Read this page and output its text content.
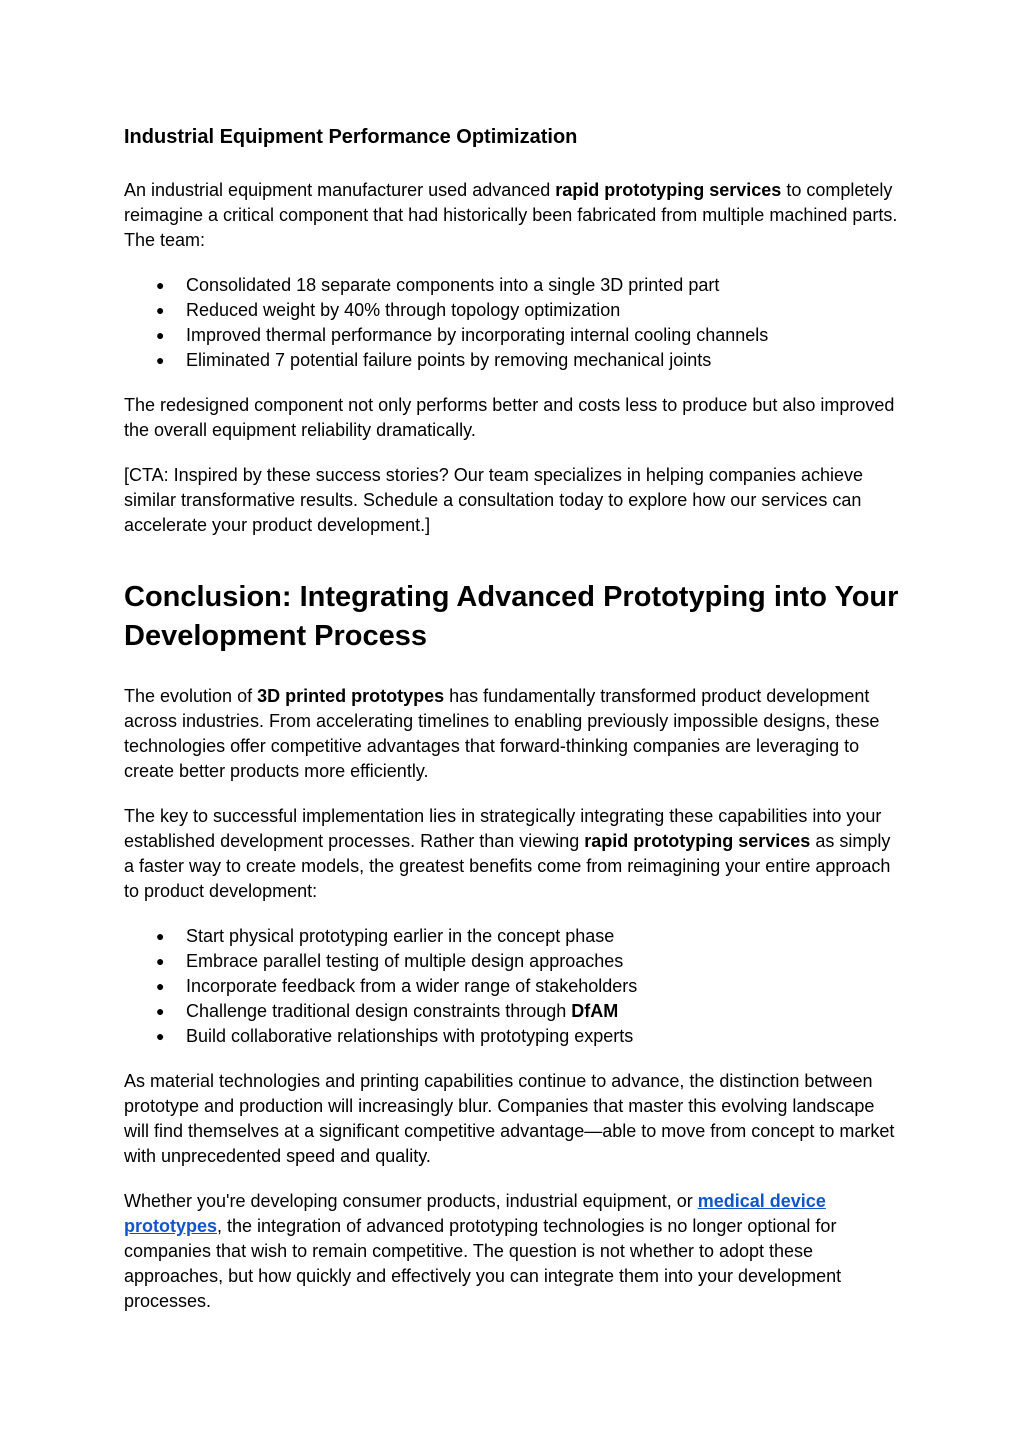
Industrial Equipment Performance Optimization

An industrial equipment manufacturer used advanced rapid prototyping services to completely reimagine a critical component that had historically been fabricated from multiple machined parts. The team:

● Consolidated 18 separate components into a single 3D printed part
● Reduced weight by 40% through topology optimization
● Improved thermal performance by incorporating internal cooling channels
● Eliminated 7 potential failure points by removing mechanical joints

The redesigned component not only performs better and costs less to produce but also improved the overall equipment reliability dramatically.

[CTA: Inspired by these success stories? Our team specializes in helping companies achieve similar transformative results. Schedule a consultation today to explore how our services can accelerate your product development.]

Conclusion: Integrating Advanced Prototyping into Your Development Process

The evolution of 3D printed prototypes has fundamentally transformed product development across industries. From accelerating timelines to enabling previously impossible designs, these technologies offer competitive advantages that forward-thinking companies are leveraging to create better products more efficiently.

The key to successful implementation lies in strategically integrating these capabilities into your established development processes. Rather than viewing rapid prototyping services as simply a faster way to create models, the greatest benefits come from reimagining your entire approach to product development:

● Start physical prototyping earlier in the concept phase
● Embrace parallel testing of multiple design approaches
● Incorporate feedback from a wider range of stakeholders
● Challenge traditional design constraints through DfAM
● Build collaborative relationships with prototyping experts

As material technologies and printing capabilities continue to advance, the distinction between prototype and production will increasingly blur. Companies that master this evolving landscape will find themselves at a significant competitive advantage—able to move from concept to market with unprecedented speed and quality.

Whether you're developing consumer products, industrial equipment, or medical device prototypes, the integration of advanced prototyping technologies is no longer optional for companies that wish to remain competitive. The question is not whether to adopt these approaches, but how quickly and effectively you can integrate them into your development processes.
